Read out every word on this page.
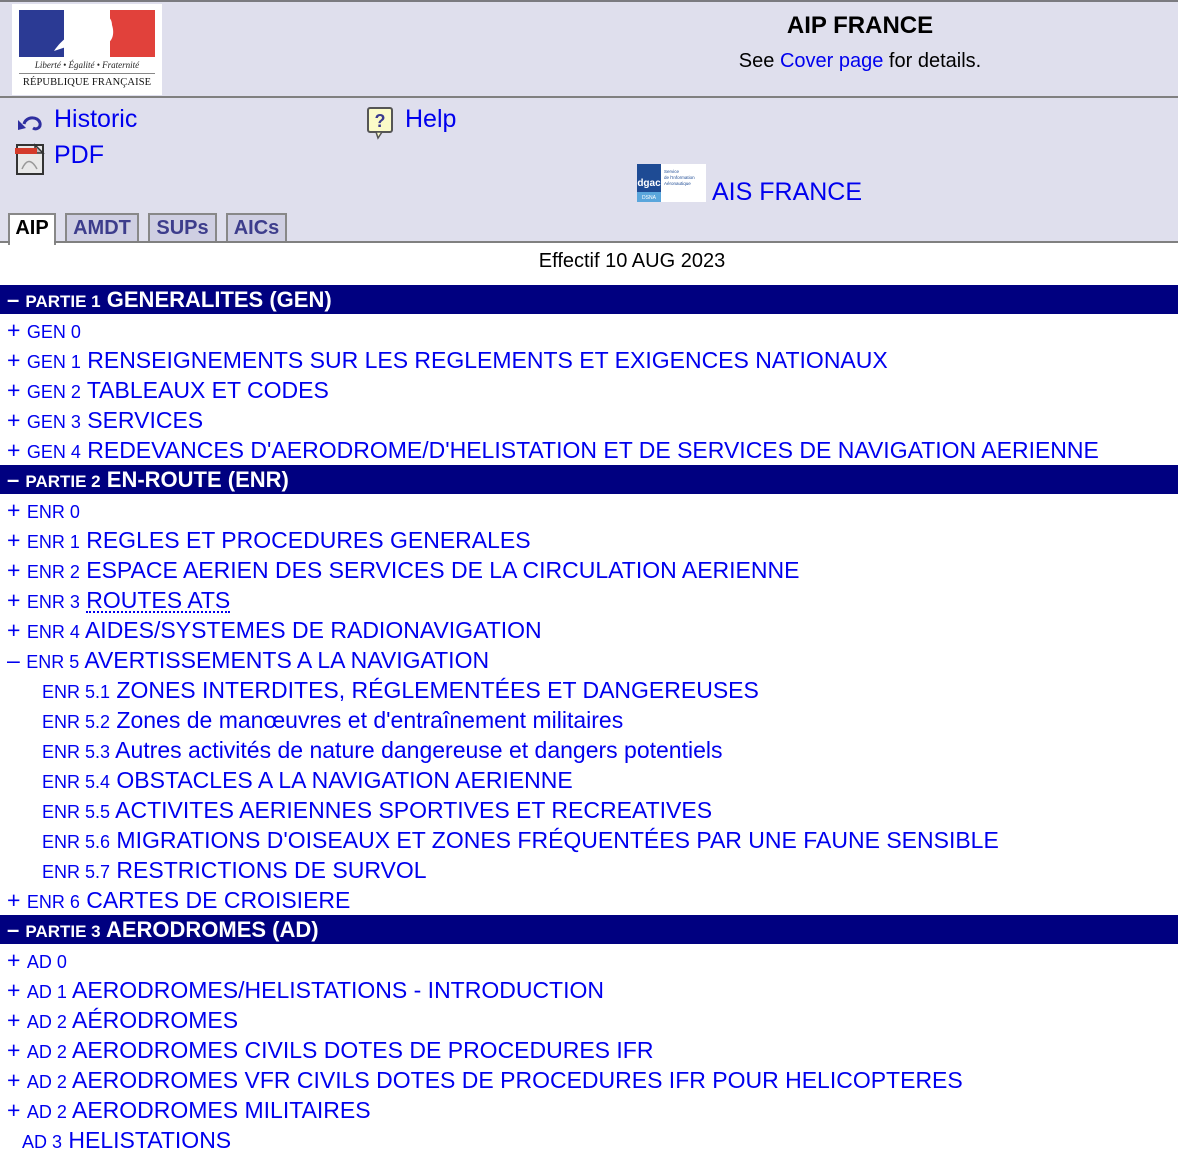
Liberté • Égalité • Fraternité
RÉPUBLIQUE FRANÇAISE
AIP FRANCE
See Cover page for details.
Historic
PDF
? Help
dgac
DSNA
Service
de l'Information
Aéronautique AIS FRANCE
AIP	AMDT	SUPs	AICs
Effectif 10 AUG 2023
– PARTIE 1 GENERALITES (GEN)
+ GEN 0
+ GEN 1 RENSEIGNEMENTS SUR LES REGLEMENTS ET EXIGENCES NATIONAUX
+ GEN 2 TABLEAUX ET CODES
+ GEN 3 SERVICES
+ GEN 4 REDEVANCES D'AERODROME/D'HELISTATION ET DE SERVICES DE NAVIGATION AERIENNE
– PARTIE 2 EN-ROUTE (ENR)
+ ENR 0
+ ENR 1 REGLES ET PROCEDURES GENERALES
+ ENR 2 ESPACE AERIEN DES SERVICES DE LA CIRCULATION AERIENNE
+ ENR 3 ROUTES ATS
+ ENR 4 AIDES/SYSTEMES DE RADIONAVIGATION
– ENR 5 AVERTISSEMENTS A LA NAVIGATION
ENR 5.1 ZONES INTERDITES, RÉGLEMENTÉES ET DANGEREUSES
ENR 5.2 Zones de manœuvres et d'entraînement militaires
ENR 5.3 Autres activités de nature dangereuse et dangers potentiels
ENR 5.4 OBSTACLES A LA NAVIGATION AERIENNE
ENR 5.5 ACTIVITES AERIENNES SPORTIVES ET RECREATIVES
ENR 5.6 MIGRATIONS D'OISEAUX ET ZONES FRÉQUENTÉES PAR UNE FAUNE SENSIBLE
ENR 5.7 RESTRICTIONS DE SURVOL
+ ENR 6 CARTES DE CROISIERE
– PARTIE 3 AERODROMES (AD)
+ AD 0
+ AD 1 AERODROMES/HELISTATIONS - INTRODUCTION
+ AD 2 AÉRODROMES
+ AD 2 AERODROMES CIVILS DOTES DE PROCEDURES IFR
+ AD 2 AERODROMES VFR CIVILS DOTES DE PROCEDURES IFR POUR HELICOPTERES
+ AD 2 AERODROMES MILITAIRES
AD 3 HELISTATIONS
